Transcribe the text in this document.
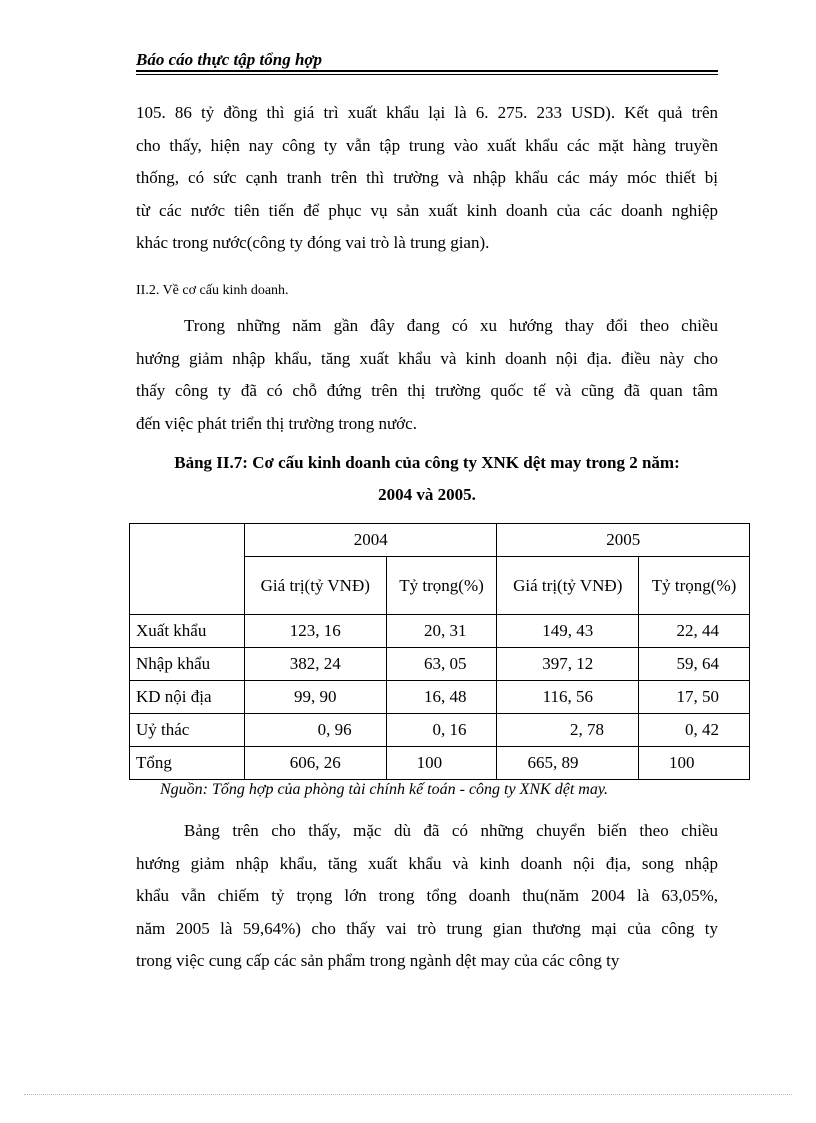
Báo cáo thực tập tổng hợp
105. 86 tỷ đồng thì giá trì xuất khẩu lại là 6. 275. 233 USD). Kết quả trên
cho thấy, hiện nay công ty vẫn tập trung vào xuất khẩu các mặt hàng truyền
thống, có sức cạnh tranh trên thì trường và nhập khẩu các máy móc thiết bị
từ các nước tiên tiến để phục vụ sản xuất kinh doanh của các doanh nghiệp
khác trong nước(công ty đóng vai trò là trung gian).
II.2. Về cơ cấu kinh doanh.
Trong những năm gần đây đang có xu hướng thay đổi theo chiều
hướng giảm nhập khẩu, tăng xuất khẩu và kinh doanh nội địa. điều này cho
thấy công ty đã có chỗ đứng trên thị trường quốc tế và cũng đã quan tâm
đến việc phát triển thị trường trong nước.
Bảng II.7: Cơ cấu kinh doanh của công ty XNK dệt may trong 2 năm:
2004 và 2005.
	2004		2005	
	Giá trị(tỷ VNĐ)	Tỷ trọng(%)	Giá trị(tỷ VNĐ)	Tỷ trọng(%)
Xuất khẩu	123, 16	20, 31	149, 43	22, 44
Nhập khẩu	382, 24	63, 05	397, 12	59, 64
KD nội địa	99, 90	16, 48	116, 56	17, 50
Uỷ thác	0, 96	0, 16	2, 78	0, 42
Tổng	606, 26	100	665, 89	100
Nguồn: Tổng hợp của phòng tài chính kế toán - công ty XNK dệt may.
Bảng trên cho thấy, mặc dù đã có những chuyển biến theo chiều
hướng giảm nhập khẩu, tăng xuất khẩu và kinh doanh nội địa, song nhập
khẩu vẫn chiếm tỷ trọng lớn trong tổng doanh thu(năm 2004 là 63,05%,
năm 2005 là 59,64%) cho thấy vai trò trung gian thương mại của công ty
trong việc cung cấp các sản phẩm trong ngành dệt may của các công ty
